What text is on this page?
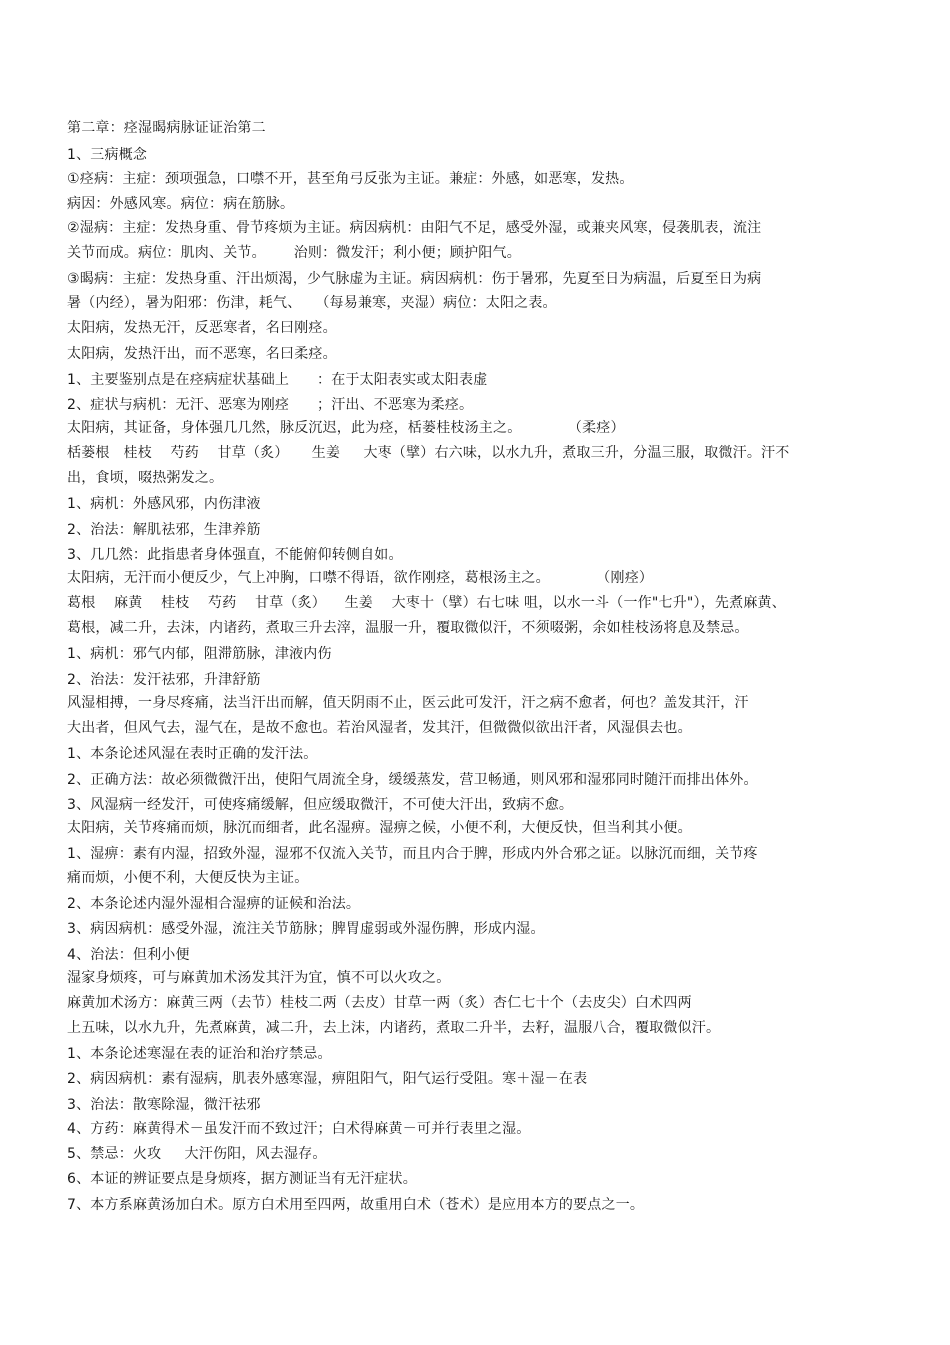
第二章：痉湿暍病脉证证治第二
1、三病概念
①痉病：主症：颈项强急，口噤不开，甚至角弓反张为主证。兼症：外感，如恶寒，发热。
病因：外感风寒。病位：病在筋脉。
②湿病：主症：发热身重、骨节疼烦为主证。病因病机：由阳气不足，感受外湿，或兼夹风寒，侵袭肌表，流注
关节而成。病位：肌肉、关节。      治则：微发汗；利小便；顾护阳气。
③暍病：主症：发热身重、汗出烦渴，少气脉虚为主证。病因病机：伤于暑邪，先夏至日为病温，后夏至日为病
暑（内经），暑为阳邪：伤津，耗气、   （每易兼寒，夹湿）病位：太阳之表。
太阳病，发热无汗，反恶寒者，名曰刚痉。
太阳病，发热汗出，而不恶寒，名曰柔痉。
1、主要鉴别点是在痉病症状基础上      ：在于太阳表实或太阳表虚
2、症状与病机：无汗、恶寒为刚痉      ；汗出、不恶寒为柔痉。
太阳病，其证备，身体强几几然，脉反沉迟，此为痉，栝蒌桂枝汤主之。          （柔痉）
栝蒌根   桂枝    芍药    甘草（炙）     生姜     大枣（擘）右六味，以水九升，煮取三升，分温三服，取微汗。汗不
出，食顷，啜热粥发之。
1、病机：外感风邪，内伤津液
2、治法：解肌祛邪，生津养筋
3、几几然：此指患者身体强直，不能俯仰转侧自如。
太阳病，无汗而小便反少，气上冲胸，口噤不得语，欲作刚痉，葛根汤主之。          （刚痉）
葛根    麻黄    桂枝    芍药    甘草（炙）    生姜    大枣十（擘）右七味 咀，以水一斗（一作"七升"），先煮麻黄、
葛根，减二升，去沫，内诸药，煮取三升去滓，温服一升，覆取微似汗，不须啜粥，余如桂枝汤将息及禁忌。
1、病机：邪气内郁，阻滞筋脉，津液内伤
2、治法：发汗祛邪，升津舒筋
风湿相搏，一身尽疼痛，法当汗出而解，值天阴雨不止，医云此可发汗，汗之病不愈者，何也？盖发其汗，汗
大出者，但风气去，湿气在，是故不愈也。若治风湿者，发其汗，但微微似欲出汗者，风湿俱去也。
1、本条论述风湿在表时正确的发汗法。
2、正确方法：故必须微微汗出，使阳气周流全身，缓缓蒸发，营卫畅通，则风邪和湿邪同时随汗而排出体外。
3、风湿病一经发汗，可使疼痛缓解，但应缓取微汗，不可使大汗出，致病不愈。
太阳病，关节疼痛而烦，脉沉而细者，此名湿痹。湿痹之候，小便不利，大便反快，但当利其小便。
1、湿痹：素有内湿，招致外湿，湿邪不仅流入关节，而且内合于脾，形成内外合邪之证。以脉沉而细，关节疼
痛而烦，小便不利，大便反快为主证。
2、本条论述内湿外湿相合湿痹的证候和治法。
3、病因病机：感受外湿，流注关节筋脉；脾胃虚弱或外湿伤脾，形成内湿。
4、治法：但利小便
湿家身烦疼，可与麻黄加术汤发其汗为宜，慎不可以火攻之。
麻黄加术汤方：麻黄三两（去节）桂枝二两（去皮）甘草一两（炙）杏仁七十个（去皮尖）白术四两
上五味，以水九升，先煮麻黄，减二升，去上沫，内诸药，煮取二升半，去籽，温服八合，覆取微似汗。
1、本条论述寒湿在表的证治和治疗禁忌。
2、病因病机：素有湿病，肌表外感寒湿，痹阻阳气，阳气运行受阻。寒＋湿－在表
3、治法：散寒除湿，微汗祛邪
4、方药：麻黄得术－虽发汗而不致过汗；白术得麻黄－可并行表里之湿。
5、禁忌：火攻     大汗伤阳，风去湿存。
6、本证的辨证要点是身烦疼，据方测证当有无汗症状。
7、本方系麻黄汤加白术。原方白术用至四两，故重用白术（苍术）是应用本方的要点之一。
